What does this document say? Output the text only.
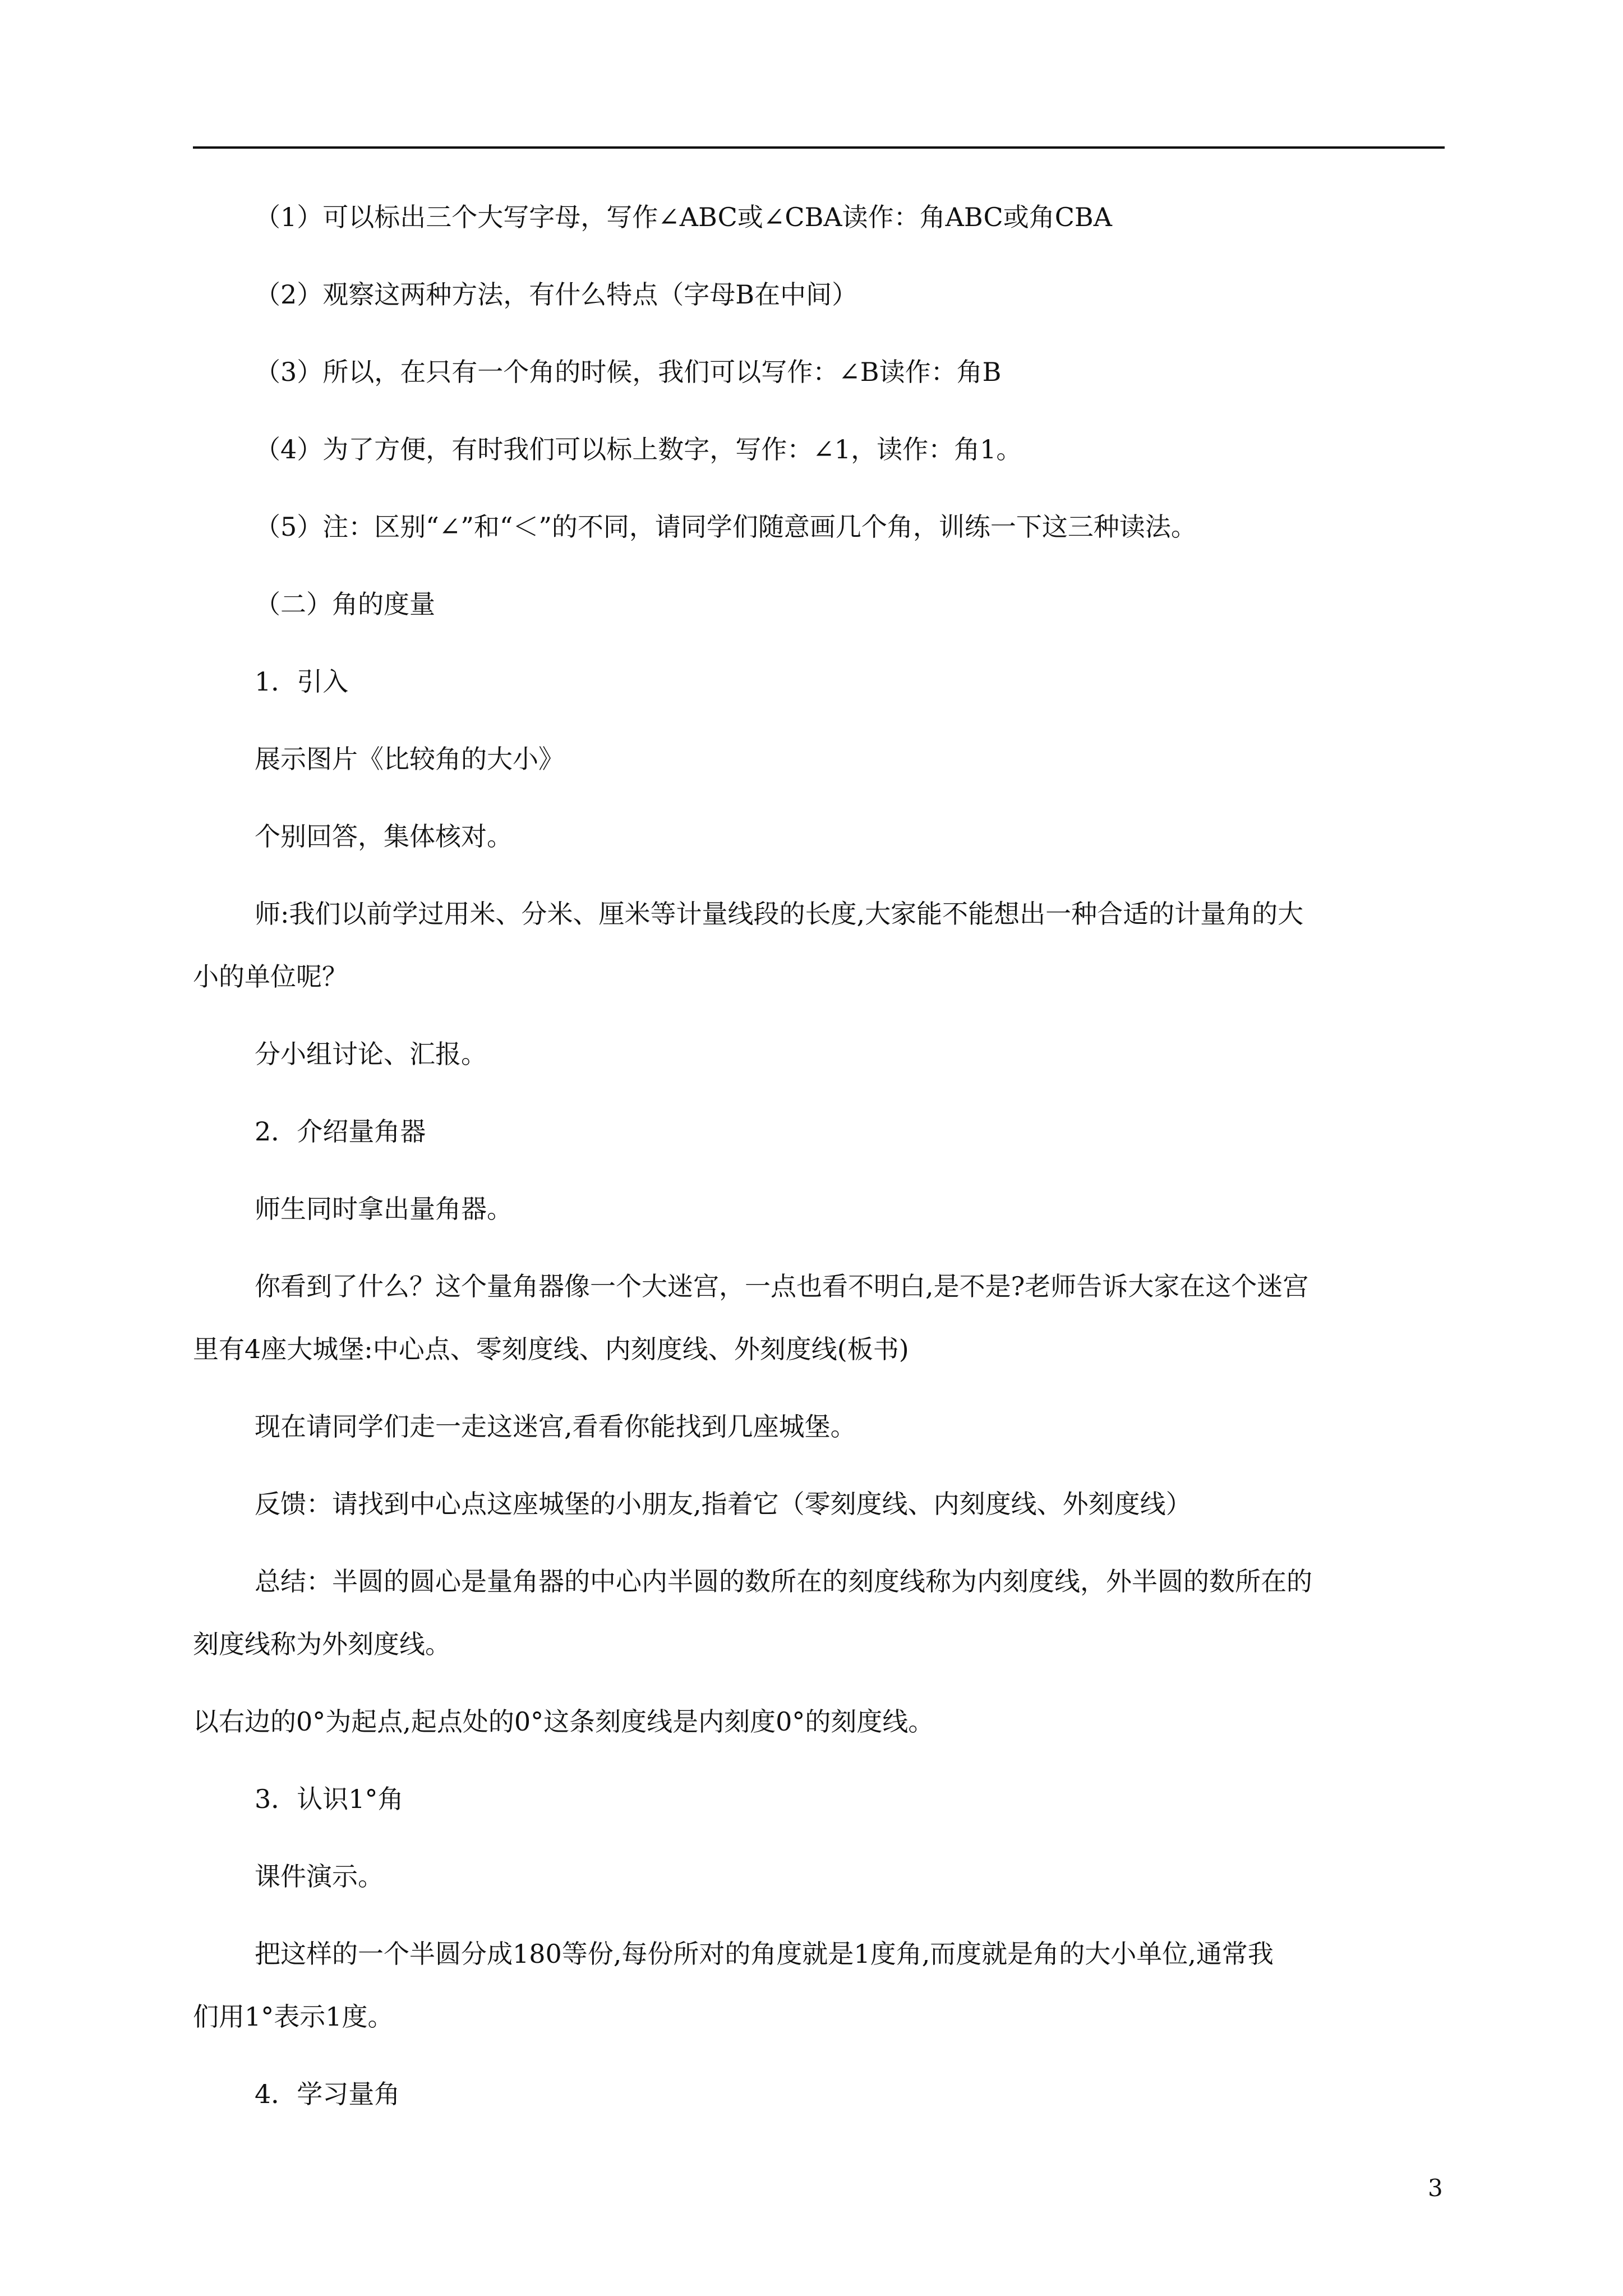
（1）可以标出三个大写字母，写作∠ABC或∠CBA读作：角ABC或角CBA
（2）观察这两种方法，有什么特点（字母B在中间）
（3）所以，在只有一个角的时候，我们可以写作：∠B读作：角B
（4）为了方便，有时我们可以标上数字，写作：∠1，读作：角1。
（5）注：区别“∠”和“＜”的不同，请同学们随意画几个角，训练一下这三种读法。
（二）角的度量
1．引入
展示图片《比较角的大小》
个别回答，集体核对。
师:我们以前学过用米、分米、厘米等计量线段的长度,大家能不能想出一种合适的计量角的大
小的单位呢？
分小组讨论、汇报。
2．介绍量角器
师生同时拿出量角器。
你看到了什么？这个量角器像一个大迷宫，一点也看不明白,是不是?老师告诉大家在这个迷宫
里有4座大城堡:中心点、零刻度线、内刻度线、外刻度线(板书)
现在请同学们走一走这迷宫,看看你能找到几座城堡。
反馈：请找到中心点这座城堡的小朋友,指着它（零刻度线、内刻度线、外刻度线）
总结：半圆的圆心是量角器的中心内半圆的数所在的刻度线称为内刻度线，外半圆的数所在的
刻度线称为外刻度线。
以右边的0°为起点,起点处的0°这条刻度线是内刻度0°的刻度线。
3．认识1°角
课件演示。
把这样的一个半圆分成180等份,每份所对的角度就是1度角,而度就是角的大小单位,通常我
们用1°表示1度。
4．学习量角
3
